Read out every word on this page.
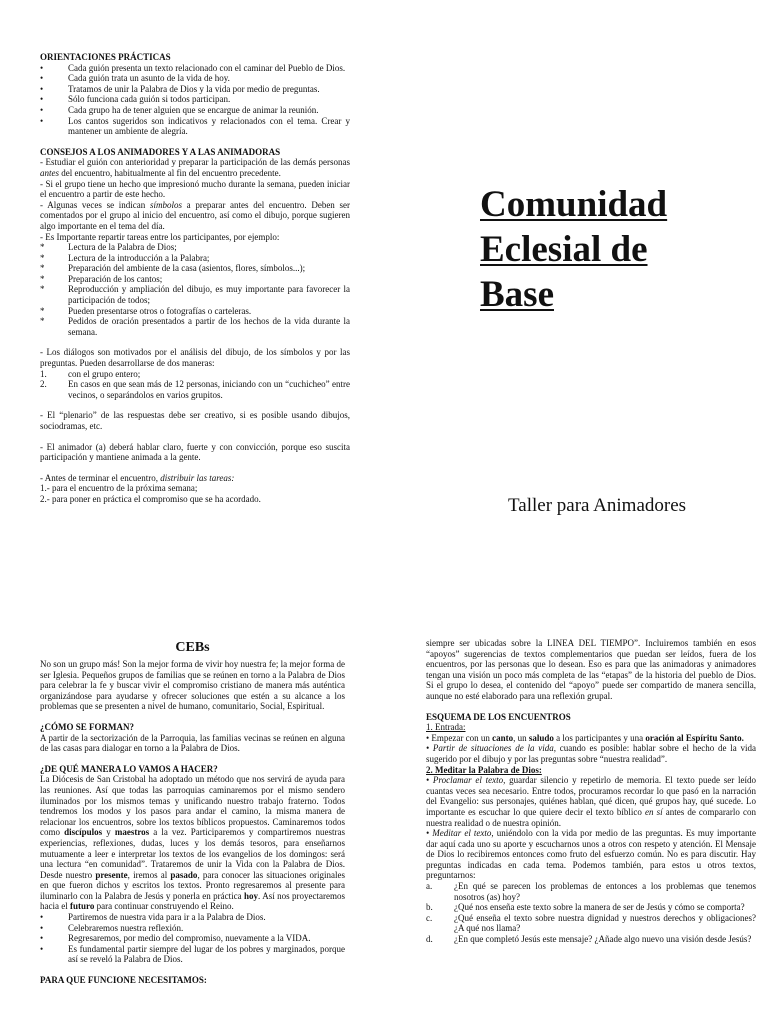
ORIENTACIONES PRÁCTICAS
•	Cada guión presenta un texto relacionado con el caminar del Pueblo de Dios.
•	Cada guión trata un asunto de la vida de hoy.
•	Tratamos de unir la Palabra de Dios y la vida por medio de preguntas.
•	Sólo funciona cada guión si todos participan.
•	Cada grupo ha de tener alguien que se encargue de animar la reunión.
•	Los cantos sugeridos son indicativos y relacionados con el tema. Crear y mantener un ambiente de alegría.
CONSEJOS A LOS ANIMADORES Y A LAS ANIMADORAS

- Estudiar el guión con anterioridad y preparar la participación de las demás personas antes del encuentro, habitualmente al fin del encuentro precedente.

- Si el grupo tiene un hecho que impresionó mucho durante la semana, pueden iniciar el encuentro a partir de este hecho.

- Algunas veces se indican símbolos a preparar antes del encuentro. Deben ser comentados por el grupo al inicio del encuentro, así como el dibujo, porque sugieren algo importante en el tema del día.

- Es Importante repartir tareas entre los participantes, por ejemplo:

*	Lectura de la Palabra de Dios;
*	Lectura de la introducción a la Palabra;
*	Preparación del ambiente de la casa (asientos, flores, símbolos...);
*	Preparación de los cantos;
*	Reproducción y ampliación del dibujo, es muy importante para favorecer la participación de todos;
*	Pueden presentarse otros o fotografías o carteleras.
*	Pedidos de oración presentados a partir de los hechos de la vida durante la semana.

- Los diálogos son motivados por el análisis del dibujo, de los símbolos y por las preguntas. Pueden desarrollarse de dos maneras:

1.	con el grupo entero;
2.	En casos en que sean más de 12 personas, iniciando con un “cuchicheo” entre vecinos, o separándolos en varios grupitos.

- El “plenario” de las respuestas debe ser creativo, si es posible usando dibujos, sociodramas, etc.

- El animador (a) deberá hablar claro, fuerte y con convicción, porque eso suscita participación y mantiene animada a la gente.

- Antes de terminar el encuentro, distribuir las tareas:

1.- para el encuentro de la próxima semana;

2.- para poner en práctica el compromiso que se ha acordado.

Comunidad
Eclesial de
Base

Taller para Animadores

CEBs

No son un grupo más! Son la mejor forma de vivir hoy nuestra fe; la mejor forma de ser Iglesia. Pequeños grupos de familias que se reúnen en torno a la Palabra de Dios para celebrar la fe y buscar vivir el compromiso cristiano de manera más auténtica organizándose para ayudarse y ofrecer soluciones que estén a su alcance a los problemas que se presenten a nivel de humano, comunitario, Social, Espiritual.

¿CÓMO SE FORMAN?

A partir de la sectorización de la Parroquia, las familias vecinas se reúnen en alguna de las casas para dialogar en torno a la Palabra de Dios.

¿DE QUÉ MANERA LO VAMOS A HACER?

La Diócesis de San Cristobal ha adoptado un método que nos servirá de ayuda para las reuniones. Así que todas las parroquias caminaremos por el mismo sendero iluminados por los mismos temas y unificando nuestro trabajo fraterno. Todos tendremos los modos y los pasos para andar el camino, la misma manera de relacionar los encuentros, sobre los textos bíblicos propuestos. Caminaremos todos como discípulos y maestros a la vez. Participaremos y compartiremos nuestras experiencias, reflexiones, dudas, luces y los demás tesoros, para enseñarnos mutuamente a leer e interpretar los textos de los evangelios de los domingos: será una lectura “en comunidad”. Trataremos de unir la Vida con la Palabra de Dios. Desde nuestro presente, iremos al pasado, para conocer las situaciones originales en que fueron dichos y escritos los textos. Pronto regresaremos al presente para iluminarlo con la Palabra de Jesús y ponerla en práctica hoy. Así nos proyectaremos hacia el futuro para continuar construyendo el Reino.

•	Partiremos de nuestra vida para ir a la Palabra de Dios.
•	Celebraremos nuestra reflexión.
•	Regresaremos, por medio del compromiso, nuevamente a la VIDA.
•	Es fundamental partir siempre del lugar de los pobres y marginados, porque así se reveló la Palabra de Dios.
PARA QUE FUNCIONE NECESITAMOS:

siempre ser ubicadas sobre la LINEA DEL TIEMPO”. Incluiremos también en esos “apoyos” sugerencias de textos complementarios que puedan ser leídos, fuera de los encuentros, por las personas que lo desean. Eso es para que las animadoras y animadores tengan una visión un poco más completa de las “etapas” de la historia del pueblo de Dios. Si el grupo lo desea, el contenido del “apoyo” puede ser compartido de manera sencilla, aunque no esté elaborado para una reflexión grupal.

ESQUEMA DE LOS ENCUENTROS

1. Entrada:

• Empezar con un canto, un saludo a los participantes y una oración al Espíritu Santo.

• Partir de situaciones de la vida, cuando es posible: hablar sobre el hecho de la vida sugerido por el dibujo y por las preguntas sobre “nuestra realidad”.

2. Meditar la Palabra de Dios:

• Proclamar el texto, guardar silencio y repetirlo de memoria. El texto puede ser leído cuantas veces sea necesario. Entre todos, procuramos recordar lo que pasó en la narración del Evangelio: sus personajes, quiénes hablan, qué dicen, qué grupos hay, qué sucede. Lo importante es escuchar lo que quiere decir el texto bíblico en sí antes de compararlo con nuestra realidad o de nuestra opinión.

• Meditar el texto, uniéndolo con la vida por medio de las preguntas. Es muy importante dar aquí cada uno su aporte y escucharnos unos a otros con respeto y atención. El Mensaje de Dios lo recibiremos entonces como fruto del esfuerzo común. No es para discutir. Hay preguntas indicadas en cada tema. Podemos también, para estos u otros textos, preguntarnos:

a.	¿En qué se parecen los problemas de entonces a los problemas que tenemos nosotros (as) hoy?
b.	¿Qué nos enseña este texto sobre la manera de ser de Jesús y cómo se comporta?
c.	¿Qué enseña el texto sobre nuestra dignidad y nuestros derechos y obligaciones? ¿A qué nos llama?
d.	¿En que completó Jesús este mensaje? ¿Añade algo nuevo una visión desde Jesús?
